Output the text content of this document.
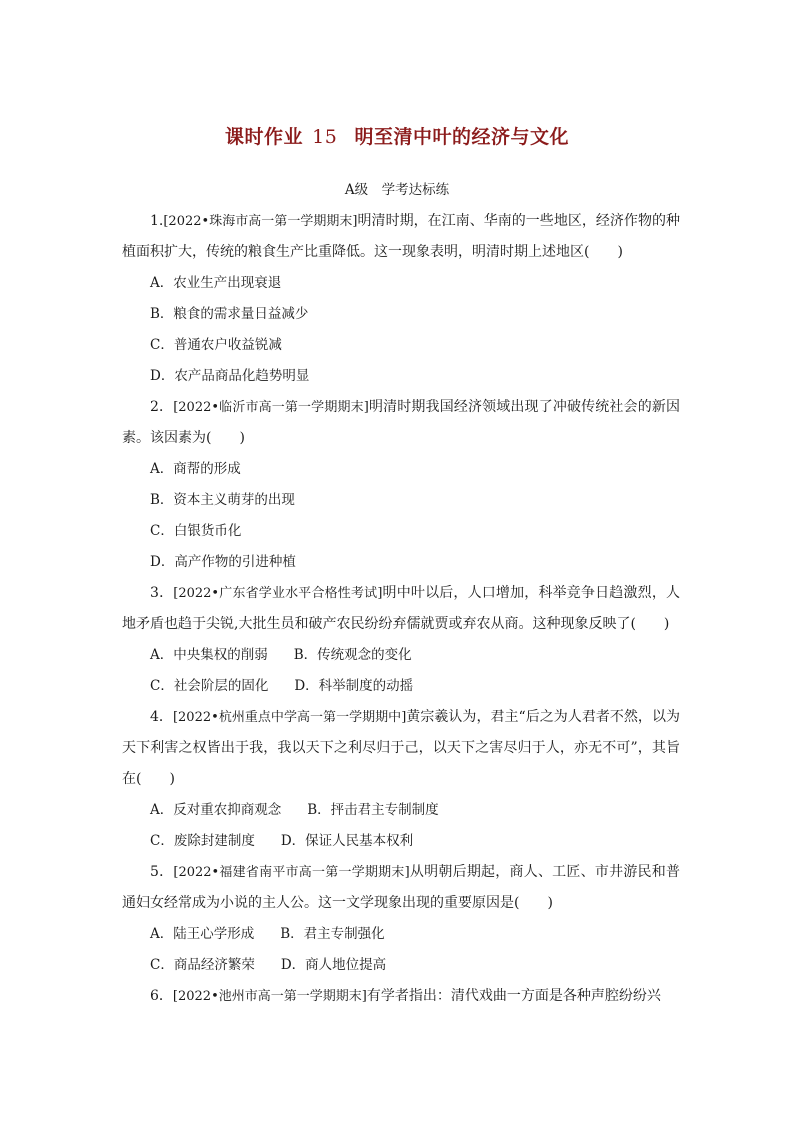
课时作业 15 明至清中叶的经济与文化
A级　学考达标练

1.[2022•珠海市高一第一学期期末]明清时期，在江南、华南的一些地区，经济作物的种植面积扩大，传统的粮食生产比重降低。这一现象表明，明清时期上述地区(　　)

A．农业生产出现衰退

B．粮食的需求量日益减少

C．普通农户收益锐减

D．农产品商品化趋势明显

2．[2022•临沂市高一第一学期期末]明清时期我国经济领域出现了冲破传统社会的新因素。该因素为(　　)

A．商帮的形成

B．资本主义萌芽的出现

C．白银货币化

D．高产作物的引进种植

3．[2022•广东省学业水平合格性考试]明中叶以后，人口增加，科举竞争日趋激烈，人地矛盾也趋于尖锐,大批生员和破产农民纷纷弃儒就贾或弃农从商。这种现象反映了(　　)

A．中央集权的削弱 B．传统观念的变化

C．社会阶层的固化 D．科举制度的动摇

4．[2022•杭州重点中学高一第一学期期中]黄宗羲认为，君主“后之为人君者不然，以为天下利害之权皆出于我，我以天下之利尽归于己，以天下之害尽归于人，亦无不可”，其旨在(　　)

A．反对重农抑商观念 B．抨击君主专制制度

C．废除封建制度 D．保证人民基本权利

5．[2022•福建省南平市高一第一学期期末]从明朝后期起，商人、工匠、市井游民和普通妇女经常成为小说的主人公。这一文学现象出现的重要原因是(　　)

A．陆王心学形成 B．君主专制强化

C．商品经济繁荣 D．商人地位提高

6．[2022•池州市高一第一学期期末]有学者指出：清代戏曲一方面是各种声腔纷纷兴
